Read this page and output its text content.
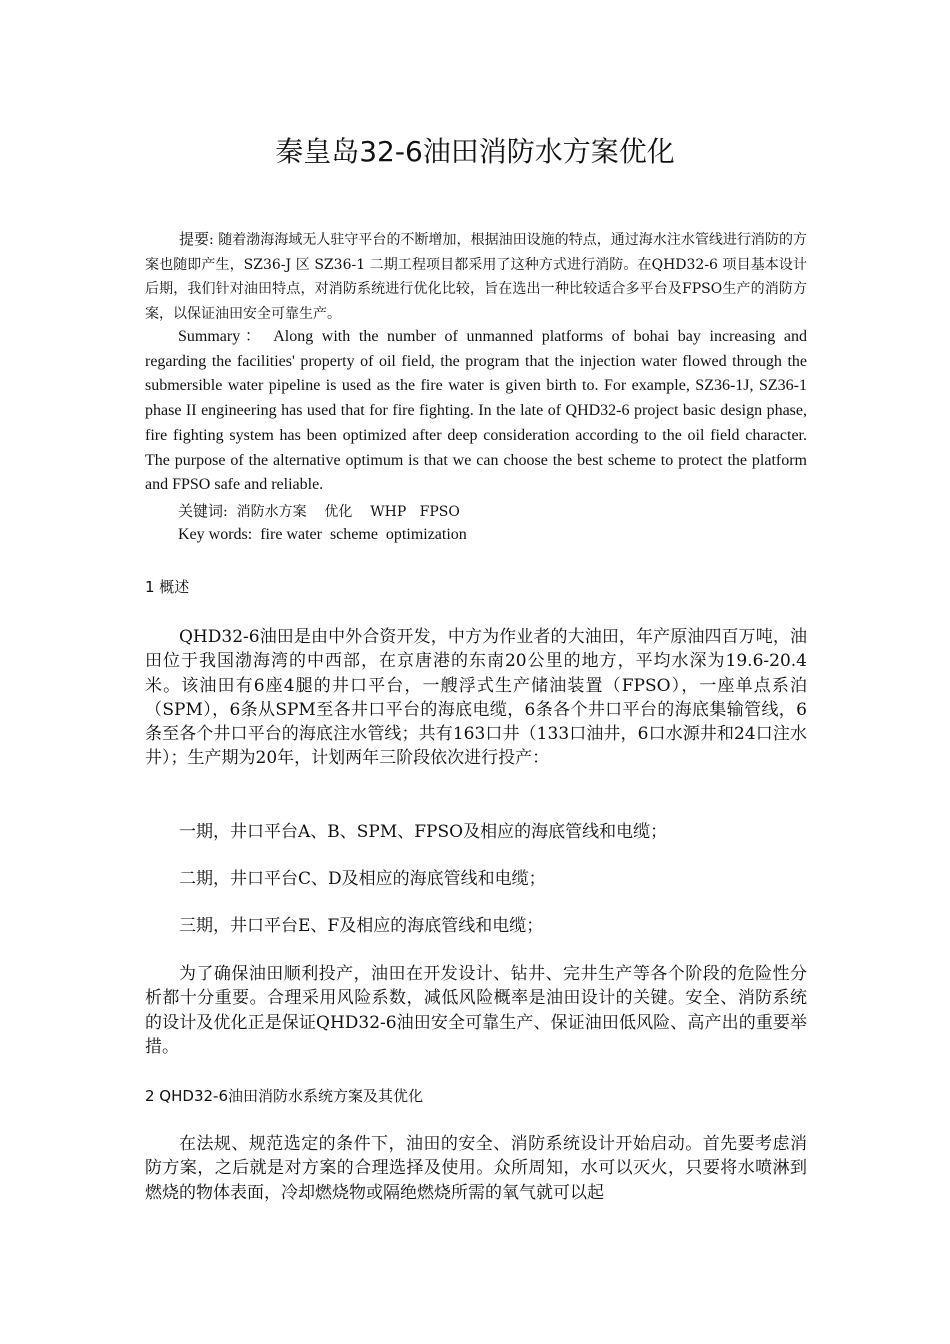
秦皇岛32-6油田消防水方案优化
提要: 随着渤海海域无人驻守平台的不断增加，根据油田设施的特点，通过海水注水管线进行消防的方案也随即产生，SZ36-J 区 SZ36-1 二期工程项目都采用了这种方式进行消防。在QHD32-6 项目基本设计后期，我们针对油田特点，对消防系统进行优化比较，旨在选出一种比较适合多平台及FPSO生产的消防方案，以保证油田安全可靠生产。
Summary： Along with the number of unmanned platforms of bohai bay increasing and regarding the facilities' property of oil field, the program that the injection water flowed through the submersible water pipeline is used as the fire water is given birth to. For example, SZ36-1J, SZ36-1 phase II engineering has used that for fire fighting. In the late of QHD32-6 project basic design phase, fire fighting system has been optimized after deep consideration according to the oil field character. The purpose of the alternative optimum is that we can choose the best scheme to protect the platform and FPSO safe and reliable.
关键词:  消防水方案    优化    WHP   FPSO
Key words:  fire water  scheme  optimization
1 概述
QHD32-6油田是由中外合资开发，中方为作业者的大油田，年产原油四百万吨，油田位于我国渤海湾的中西部，在京唐港的东南20公里的地方，平均水深为19.6-20.4米。该油田有6座4腿的井口平台，一艘浮式生产储油装置（FPSO），一座单点系泊（SPM），6条从SPM至各井口平台的海底电缆，6条各个井口平台的海底集输管线，6条至各个井口平台的海底注水管线；共有163口井（133口油井，6口水源井和24口注水井）；生产期为20年，计划两年三阶段依次进行投产：
一期，井口平台A、B、SPM、FPSO及相应的海底管线和电缆；
二期，井口平台C、D及相应的海底管线和电缆；
三期，井口平台E、F及相应的海底管线和电缆；
为了确保油田顺利投产，油田在开发设计、钻井、完井生产等各个阶段的危险性分析都十分重要。合理采用风险系数，减低风险概率是油田设计的关键。安全、消防系统的设计及优化正是保证QHD32-6油田安全可靠生产、保证油田低风险、高产出的重要举措。
2 QHD32-6油田消防水系统方案及其优化
在法规、规范选定的条件下，油田的安全、消防系统设计开始启动。首先要考虑消防方案，之后就是对方案的合理选择及使用。众所周知，水可以灭火，只要将水喷淋到燃烧的物体表面，冷却燃烧物或隔绝燃烧所需的氧气就可以起
